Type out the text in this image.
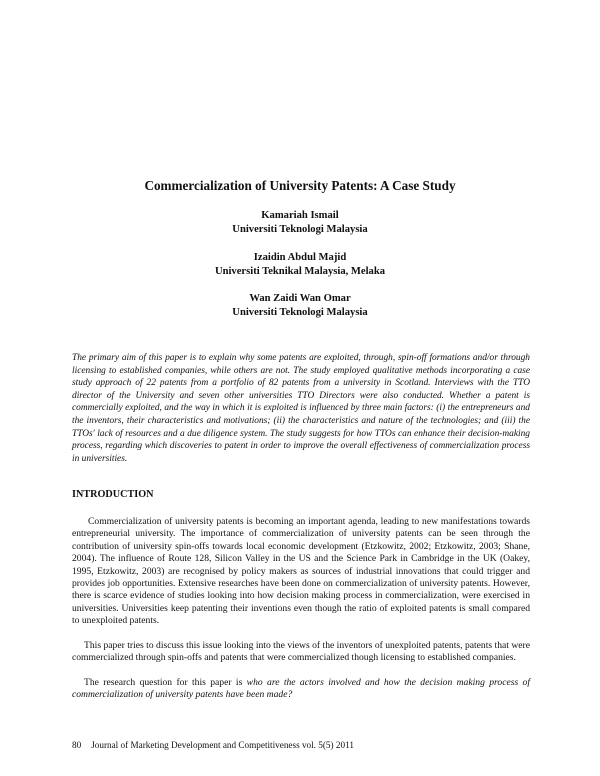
Commercialization of University Patents: A Case Study
Kamariah Ismail
Universiti Teknologi Malaysia
Izaidin Abdul Majid
Universiti Teknikal Malaysia, Melaka
Wan Zaidi Wan Omar
Universiti Teknologi Malaysia

The primary aim of this paper is to explain why some patents are exploited, through, spin-off formations and/or through licensing to established companies, while others are not. The study employed qualitative methods incorporating a case study approach of 22 patents from a portfolio of 82 patents from a university in Scotland. Interviews with the TTO director of the University and seven other universities TTO Directors were also conducted. Whether a patent is commercially exploited, and the way in which it is exploited is influenced by three main factors: (i) the entrepreneurs and the inventors, their characteristics and motivations; (ii) the characteristics and nature of the technologies; and (iii) the TTOs' lack of resources and a due diligence system. The study suggests for how TTOs can enhance their decision-making process, regarding which discoveries to patent in order to improve the overall effectiveness of commercialization process in universities.

INTRODUCTION

Commercialization of university patents is becoming an important agenda, leading to new manifestations towards entrepreneurial university. The importance of commercialization of university patents can be seen through the contribution of university spin-offs towards local economic development (Etzkowitz, 2002; Etzkowitz, 2003; Shane, 2004). The influence of Route 128, Silicon Valley in the US and the Science Park in Cambridge in the UK (Oakey, 1995, Etzkowitz, 2003) are recognised by policy makers as sources of industrial innovations that could trigger and provides job opportunities. Extensive researches have been done on commercialization of university patents. However, there is scarce evidence of studies looking into how decision making process in commercialization, were exercised in universities. Universities keep patenting their inventions even though the ratio of exploited patents is small compared to unexploited patents.

This paper tries to discuss this issue looking into the views of the inventors of unexploited patents, patents that were commercialized through spin-offs and patents that were commercialized though licensing to established companies.

The research question for this paper is who are the actors involved and how the decision making process of commercialization of university patents have been made?

80 Journal of Marketing Development and Competitiveness vol. 5(5) 2011
